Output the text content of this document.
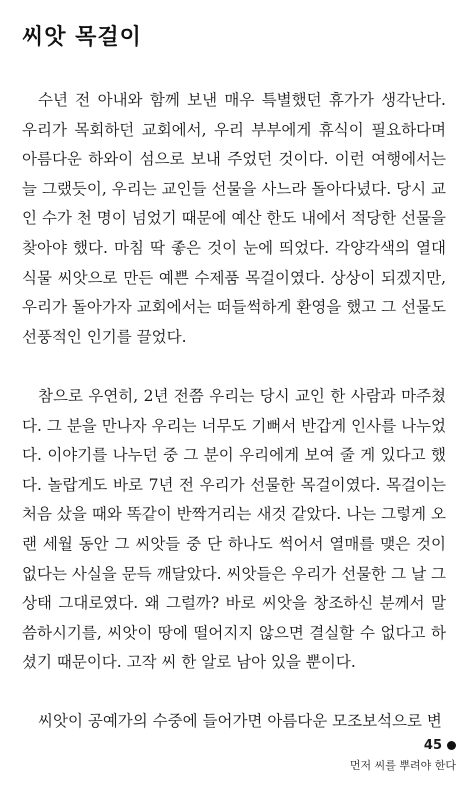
씨앗 목걸이

수년 전 아내와 함께 보낸 매우 특별했던 휴가가 생각난다. 우리가 목회하던 교회에서, 우리 부부에게 휴식이 필요하다며 아름다운 하와이 섬으로 보내 주었던 것이다. 이런 여행에서는 늘 그랬듯이, 우리는 교인들 선물을 사느라 돌아다녔다. 당시 교인 수가 천 명이 넘었기 때문에 예산 한도 내에서 적당한 선물을 찾아야 했다. 마침 딱 좋은 것이 눈에 띄었다. 각양각색의 열대 식물 씨앗으로 만든 예쁜 수제품 목걸이였다. 상상이 되겠지만, 우리가 돌아가자 교회에서는 떠들썩하게 환영을 했고 그 선물도 선풍적인 인기를 끌었다.

참으로 우연히, 2년 전쯤 우리는 당시 교인 한 사람과 마주쳤다. 그 분을 만나자 우리는 너무도 기뻐서 반갑게 인사를 나누었다. 이야기를 나누던 중 그 분이 우리에게 보여 줄 게 있다고 했다. 놀랍게도 바로 7년 전 우리가 선물한 목걸이였다. 목걸이는 처음 샀을 때와 똑같이 반짝거리는 새것 같았다. 나는 그렇게 오랜 세월 동안 그 씨앗들 중 단 하나도 썩어서 열매를 맺은 것이 없다는 사실을 문득 깨달았다. 씨앗들은 우리가 선물한 그 날 그 상태 그대로였다. 왜 그럴까? 바로 씨앗을 창조하신 분께서 말씀하시기를, 씨앗이 땅에 떨어지지 않으면 결실할 수 없다고 하셨기 때문이다. 고작 씨 한 알로 남아 있을 뿐이다.

씨앗이 공예가의 수중에 들어가면 아름다운 모조보석으로 변

45
먼저 씨를 뿌려야 한다
